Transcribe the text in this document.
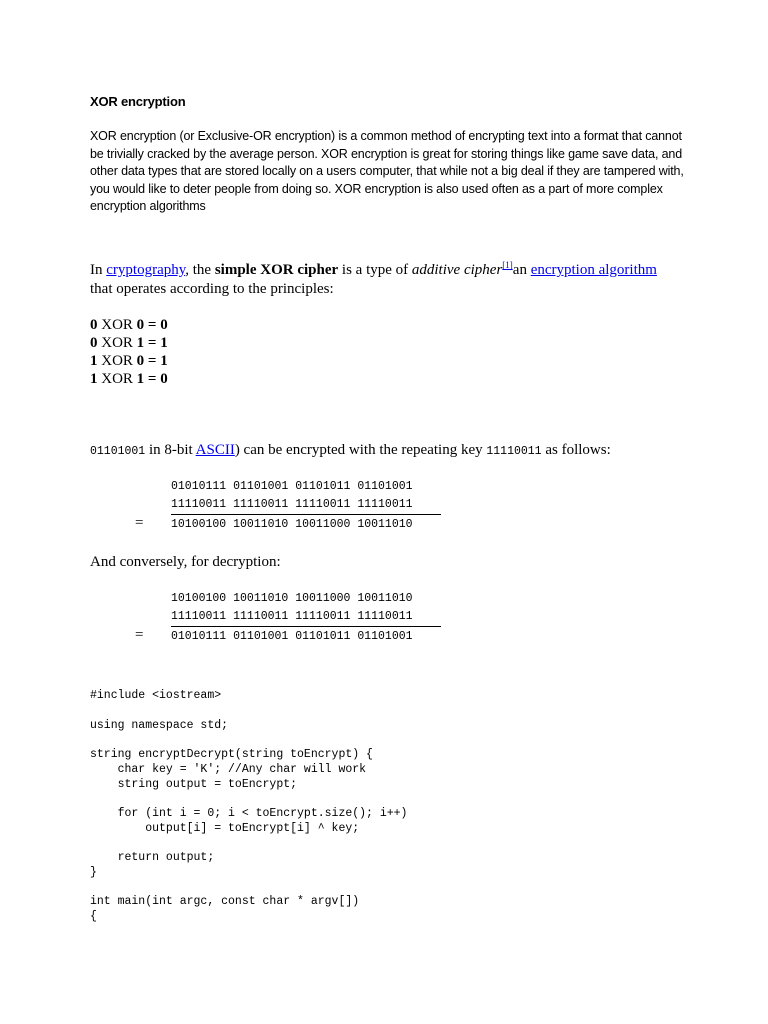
XOR encryption
XOR encryption (or Exclusive-OR encryption) is a common method of encrypting text into a format that cannot be trivially cracked by the average person. XOR encryption is great for storing things like game save data, and other data types that are stored locally on a users computer, that while not a big deal if they are tampered with, you would like to deter people from doing so. XOR encryption is also used often as a part of more complex encryption algorithms
In cryptography, the simple XOR cipher is a type of additive cipher[1]an encryption algorithm
that operates according to the principles:
0 XOR 0 = 0
0 XOR 1 = 1
1 XOR 0 = 1
1 XOR 1 = 0
01101001 in 8-bit ASCII) can be encrypted with the repeating key 11110011 as follows:
01010111 01101001 01101011 01101001
11110011 11110011 11110011 11110011
= 10100100 10011010 10011000 10011010
And conversely, for decryption:
10100100 10011010 10011000 10011010
11110011 11110011 11110011 11110011
= 01010111 01101001 01101011 01101001
#include <iostream>
using namespace std;
string encryptDecrypt(string toEncrypt) {
char key = 'K'; //Any char will work
string output = toEncrypt;
for (int i = 0; i < toEncrypt.size(); i++)
output[i] = toEncrypt[i] ^ key;
return output;
}
int main(int argc, const char * argv[])
{
